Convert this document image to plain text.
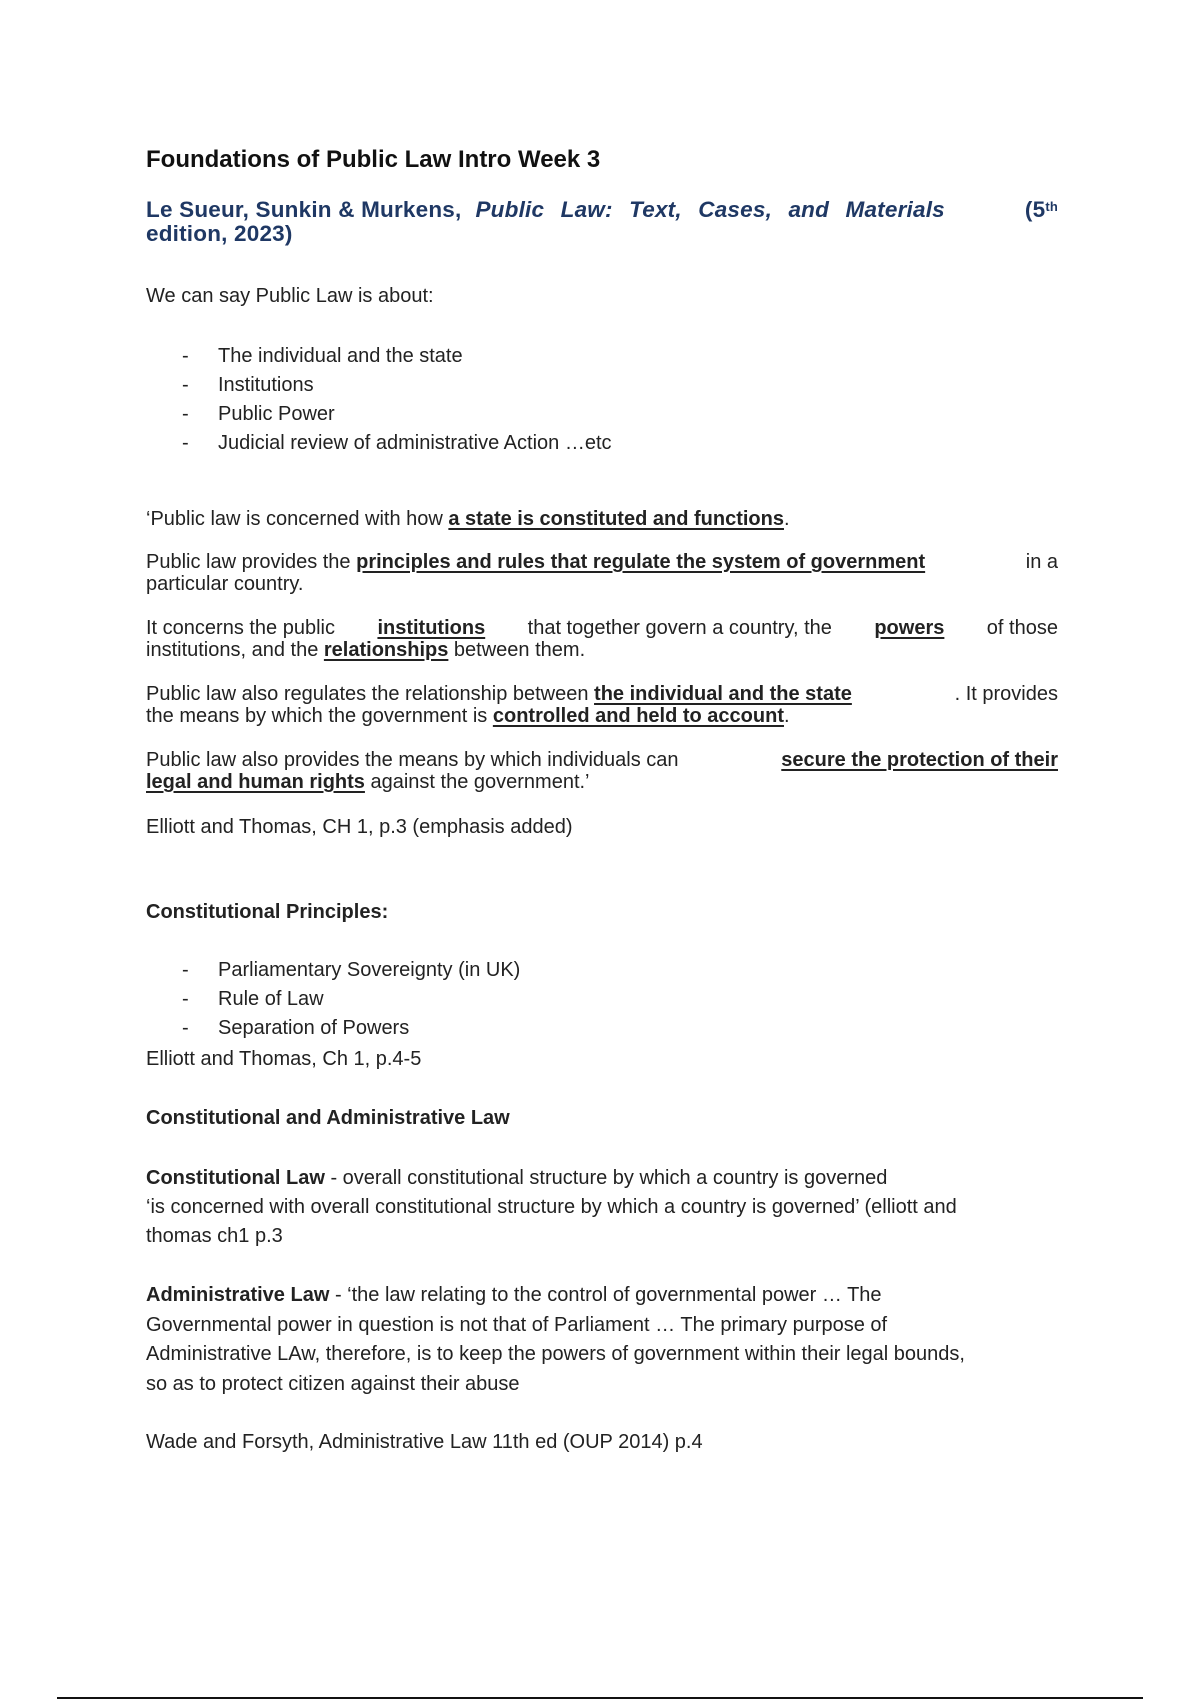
Foundations of Public Law Intro Week 3
Le Sueur, Sunkin & Murkens, Public Law: Text, Cases, and Materials	(5th
edition, 2023)

We can say Public Law is about:

- The individual and the state
- Institutions
- Public Power
- Judicial review of administrative Action …etc
‘Public law is concerned with how a state is constituted and functions.
Public law provides the principles and rules that regulate the system of government	in a
particular country.
It concerns the public institutions that together govern a country, the powers of those
institutions, and the relationships between them.
Public law also regulates the relationship between the individual and the state	. It provides
the means by which the government is controlled and held to account.
Public law also provides the means by which individuals can	secure the protection of their
legal and human rights against the government.’

Elliott and Thomas, CH 1, p.3 (emphasis added)

Constitutional Principles:

- Parliamentary Sovereignty (in UK)
- Rule of Law
- Separation of Powers

Elliott and Thomas, Ch 1, p.4-5

Constitutional and Administrative Law

Constitutional Law - overall constitutional structure by which a country is governed
‘is concerned with overall constitutional structure by which a country is governed’ (elliott and
thomas ch1 p.3
Administrative Law - ‘the law relating to the control of governmental power … The
Governmental power in question is not that of Parliament … The primary purpose of
Administrative LAw, therefore, is to keep the powers of government within their legal bounds,
so as to protect citizen against their abuse

Wade and Forsyth, Administrative Law 11th ed (OUP 2014) p.4
